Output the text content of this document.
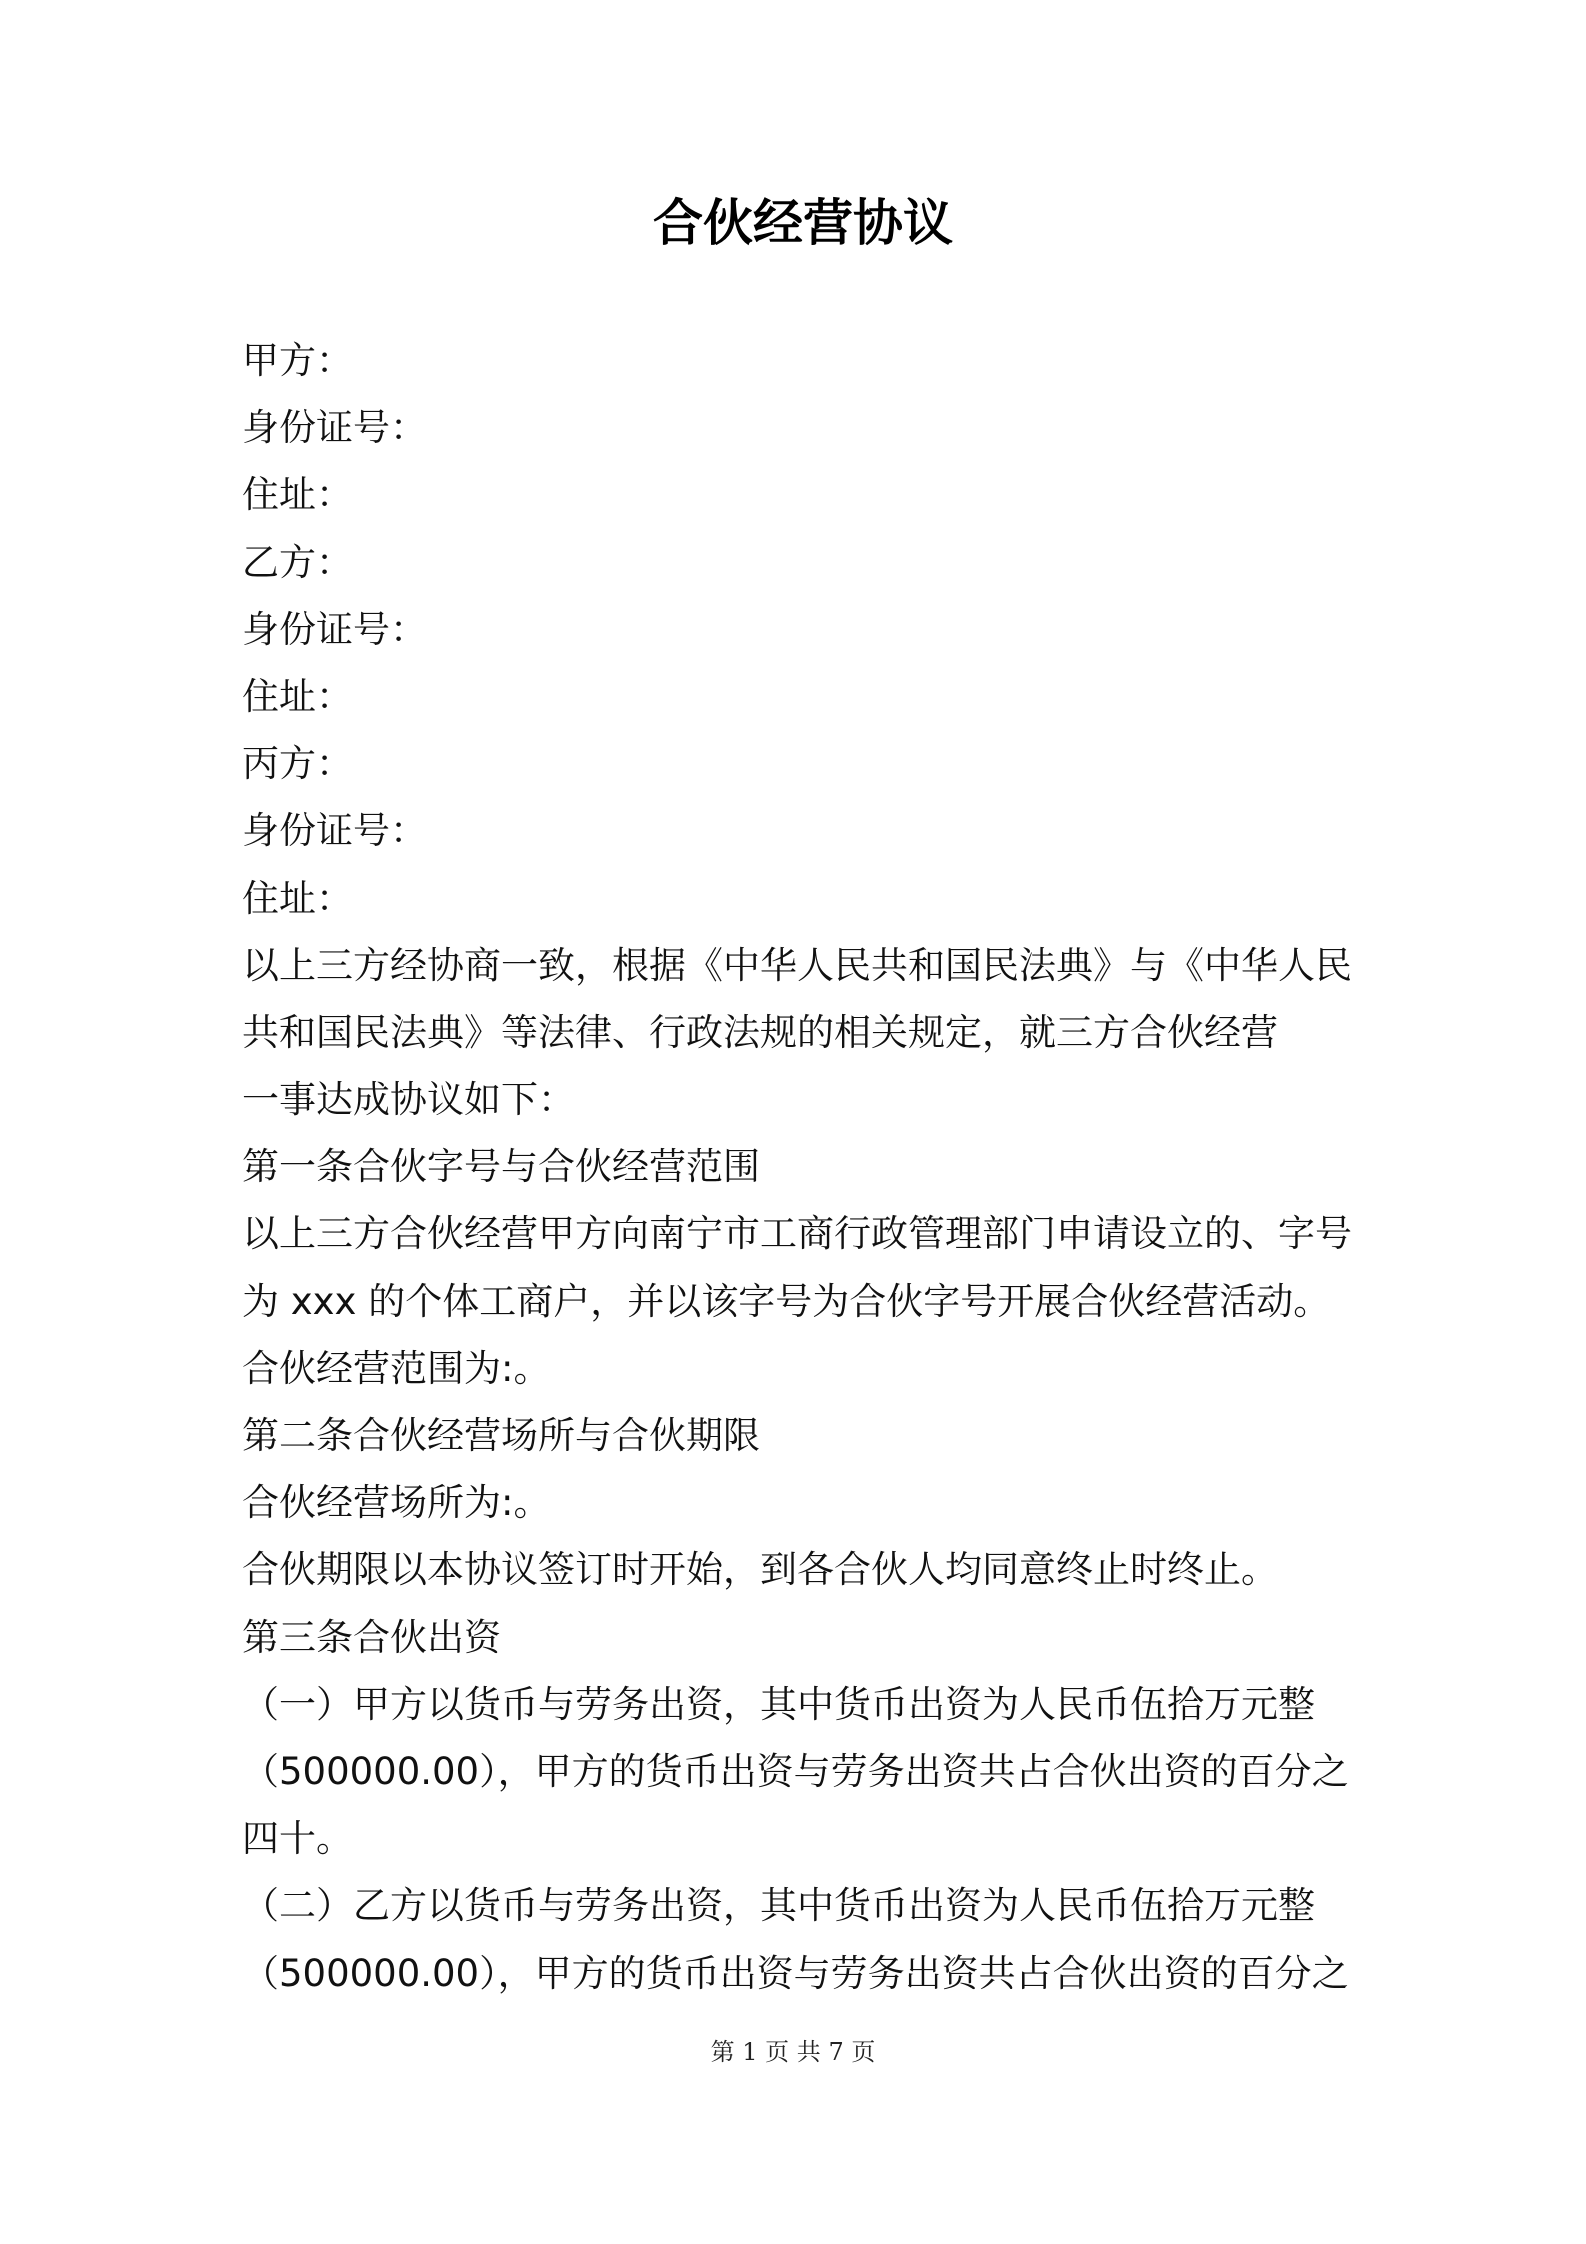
合伙经营协议
甲方：
身份证号：
住址：
乙方：
身份证号：
住址：
丙方：
身份证号：
住址：
以上三方经协商一致，根据《中华人民共和国民法典》与《中华人民
共和国民法典》等法律、行政法规的相关规定，就三方合伙经营
一事达成协议如下：
第一条合伙字号与合伙经营范围
以上三方合伙经营甲方向南宁市工商行政管理部门申请设立的、字号
为 xxx 的个体工商户，并以该字号为合伙字号开展合伙经营活动。
合伙经营范围为:。
第二条合伙经营场所与合伙期限
合伙经营场所为:。
合伙期限以本协议签订时开始，到各合伙人均同意终止时终止。
第三条合伙出资
（一）甲方以货币与劳务出资，其中货币出资为人民币伍拾万元整
（500000.00），甲方的货币出资与劳务出资共占合伙出资的百分之
四十。
（二）乙方以货币与劳务出资，其中货币出资为人民币伍拾万元整
（500000.00），甲方的货币出资与劳务出资共占合伙出资的百分之
第 1 页 共 7 页
